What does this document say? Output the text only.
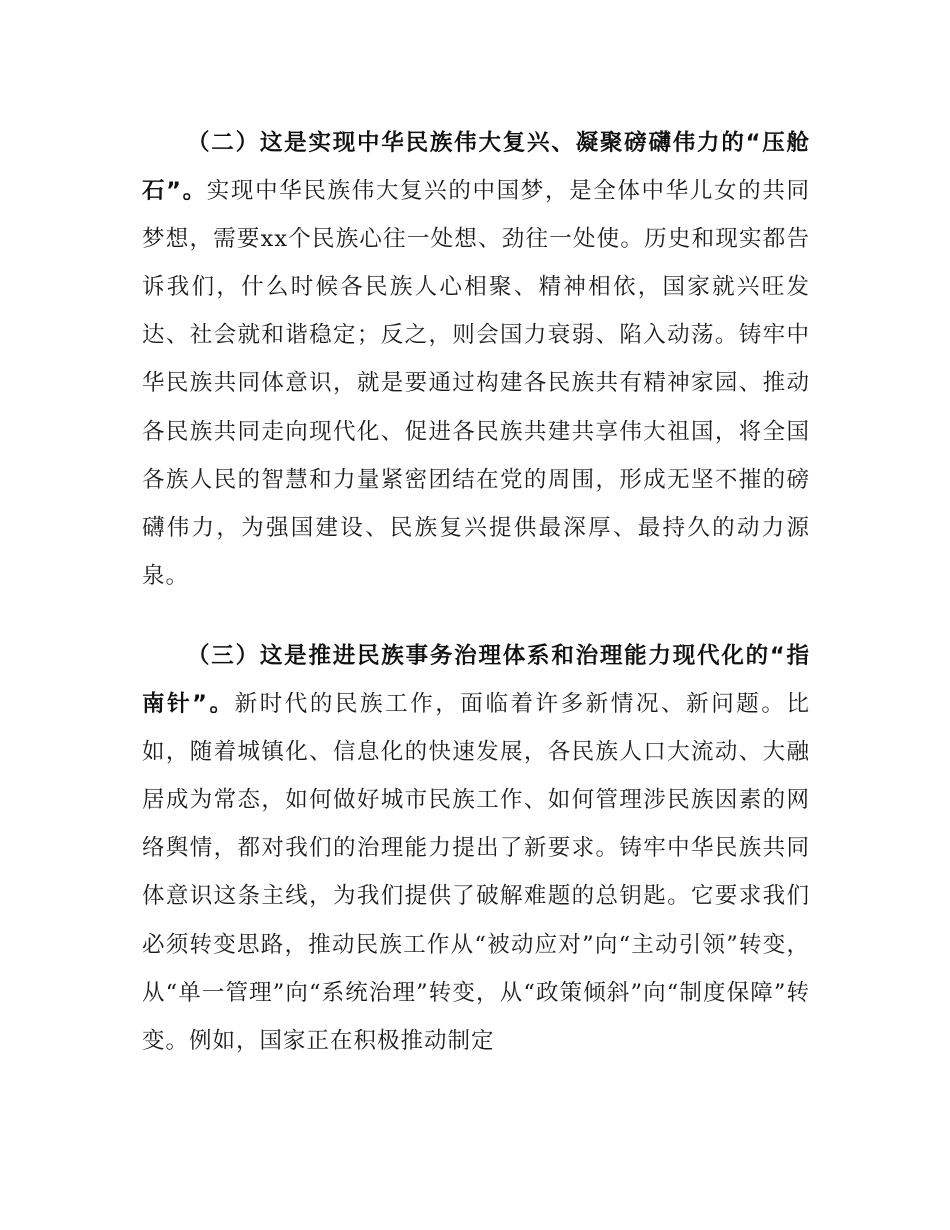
（二）这是实现中华民族伟大复兴、凝聚磅礴伟力的“压舱石”。实现中华民族伟大复兴的中国梦，是全体中华儿女的共同梦想，需要xx个民族心往一处想、劲往一处使。历史和现实都告诉我们，什么时候各民族人心相聚、精神相依，国家就兴旺发达、社会就和谐稳定；反之，则会国力衰弱、陷入动荡。铸牢中华民族共同体意识，就是要通过构建各民族共有精神家园、推动各民族共同走向现代化、促进各民族共建共享伟大祖国，将全国各族人民的智慧和力量紧密团结在党的周围，形成无坚不摧的磅礴伟力，为强国建设、民族复兴提供最深厚、最持久的动力源泉。

（三）这是推进民族事务治理体系和治理能力现代化的“指南针”。新时代的民族工作，面临着许多新情况、新问题。比如，随着城镇化、信息化的快速发展，各民族人口大流动、大融居成为常态，如何做好城市民族工作、如何管理涉民族因素的网络舆情，都对我们的治理能力提出了新要求。铸牢中华民族共同体意识这条主线，为我们提供了破解难题的总钥匙。它要求我们必须转变思路，推动民族工作从“被动应对”向“主动引领”转变，从“单一管理”向“系统治理”转变，从“政策倾斜”向“制度保障”转变。例如，国家正在积极推动制定
